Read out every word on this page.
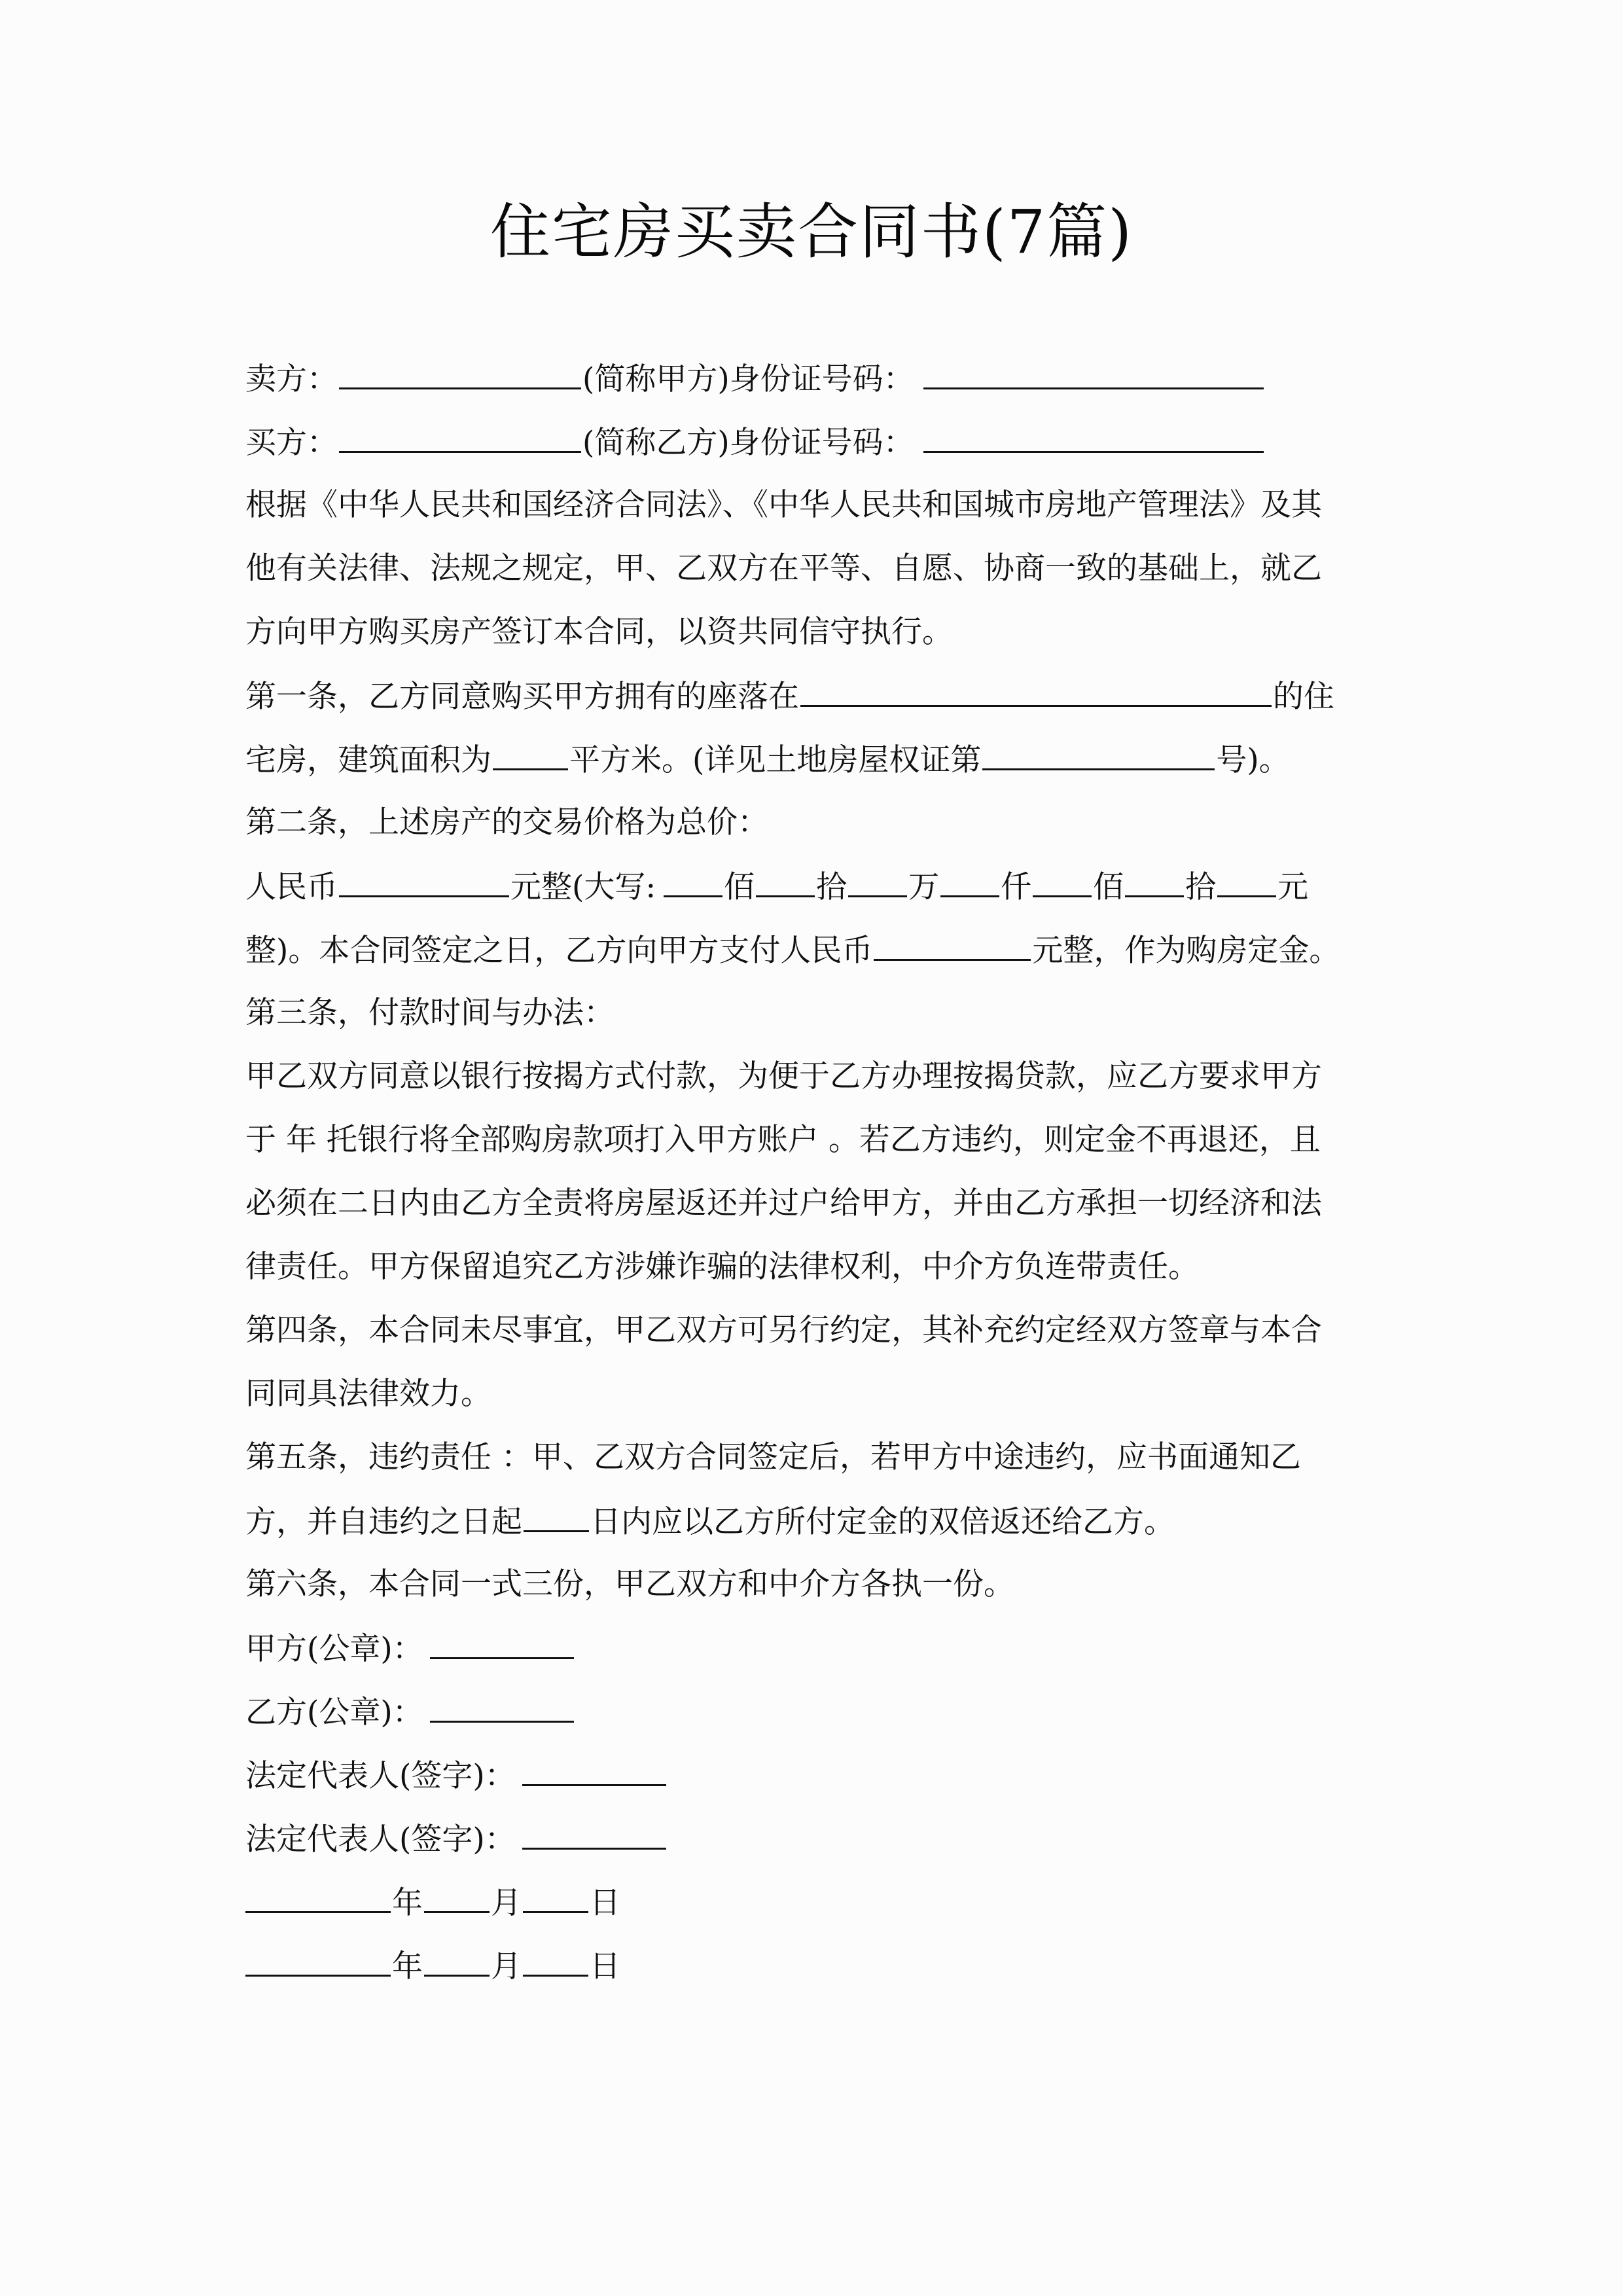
住宅房买卖合同书(7篇)
卖方：	(简称甲方)身份证号码：
买方：	(简称乙方)身份证号码：
根据《中华人民共和国经济合同法》、《中华人民共和国城市房地产管理法》及其
他有关法律、法规之规定，甲、乙双方在平等、自愿、协商一致的基础上，就乙
方向甲方购买房产签订本合同，以资共同信守执行。
第一条，乙方同意购买甲方拥有的座落在	的住
宅房，建筑面积为	平方米。(详见土地房屋权证第	号)。
第二条，上述房产的交易价格为总价：
人民币	元整(大写: 佰 拾 万 仟 佰 拾 元
整)。本合同签定之日，乙方向甲方支付人民币	元整，作为购房定金。
第三条，付款时间与办法：
甲乙双方同意以银行按揭方式付款，为便于乙方办理按揭贷款，应乙方要求甲方
于 年 托银行将全部购房款项打入甲方账户 。若乙方违约，则定金不再退还，且
必须在二日内由乙方全责将房屋返还并过户给甲方，并由乙方承担一切经济和法
律责任。甲方保留追究乙方涉嫌诈骗的法律权利，中介方负连带责任。
第四条，本合同未尽事宜，甲乙双方可另行约定，其补充约定经双方签章与本合
同同具法律效力。
第五条，违约责任 ：甲、乙双方合同签定后，若甲方中途违约，应书面通知乙
方，并自违约之日起 日内应以乙方所付定金的双倍返还给乙方。
第六条，本合同一式三份，甲乙双方和中介方各执一份。
甲方(公章)：
乙方(公章)：
法定代表人(签字)：
法定代表人(签字)：
年 月 日
年 月 日
